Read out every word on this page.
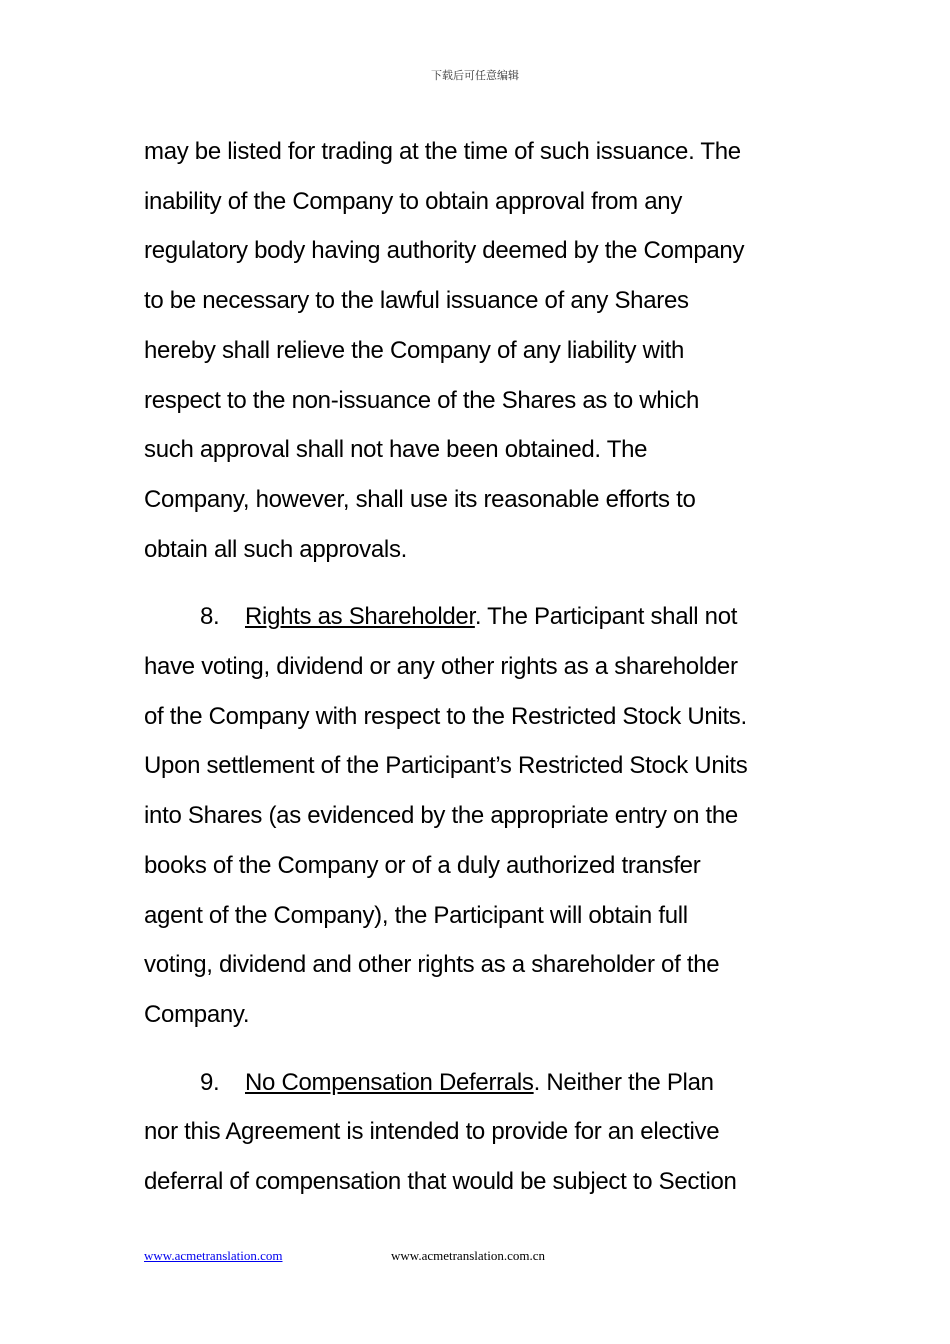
下载后可任意编辑

may be listed for trading at the time of such issuance. The
inability of the Company to obtain approval from any
regulatory body having authority deemed by the Company
to be necessary to the lawful issuance of any Shares
hereby shall relieve the Company of any liability with
respect to the non-issuance of the Shares as to which
such approval shall not have been obtained. The
Company, however, shall use its reasonable efforts to
obtain all such approvals.

8. Rights as Shareholder. The Participant shall not
have voting, dividend or any other rights as a shareholder
of the Company with respect to the Restricted Stock Units.
Upon settlement of the Participant’s Restricted Stock Units
into Shares (as evidenced by the appropriate entry on the
books of the Company or of a duly authorized transfer
agent of the Company), the Participant will obtain full
voting, dividend and other rights as a shareholder of the
Company.

9. No Compensation Deferrals. Neither the Plan
nor this Agreement is intended to provide for an elective
deferral of compensation that would be subject to Section

www.acmetranslation.com	www.acmetranslation.com.cn
